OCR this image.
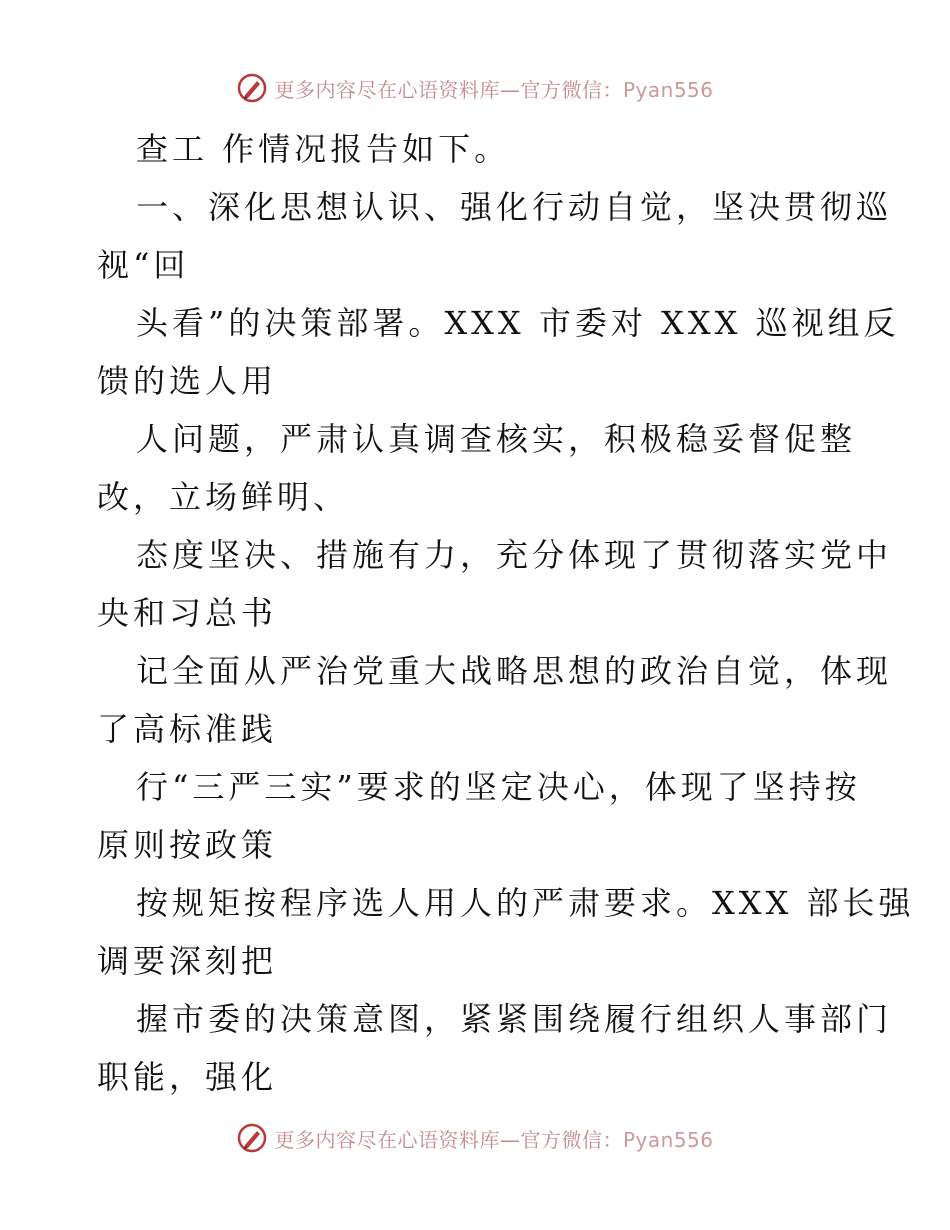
更多内容尽在心语资料库—官方微信：Pyan556
查工 作情况报告如下。
一、深化思想认识、强化行动自觉，坚决贯彻巡
视“回
头看”的决策部署。XXX 市委对 XXX 巡视组反
馈的选人用
人问题，严肃认真调查核实，积极稳妥督促整
改，立场鲜明、
态度坚决、措施有力，充分体现了贯彻落实党中
央和习总书
记全面从严治党重大战略思想的政治自觉，体现
了高标准践
行“三严三实”要求的坚定决心，体现了坚持按
原则按政策
按规矩按程序选人用人的严肃要求。XXX 部长强
调要深刻把
握市委的决策意图，紧紧围绕履行组织人事部门
职能，强化
更多内容尽在心语资料库—官方微信：Pyan556
